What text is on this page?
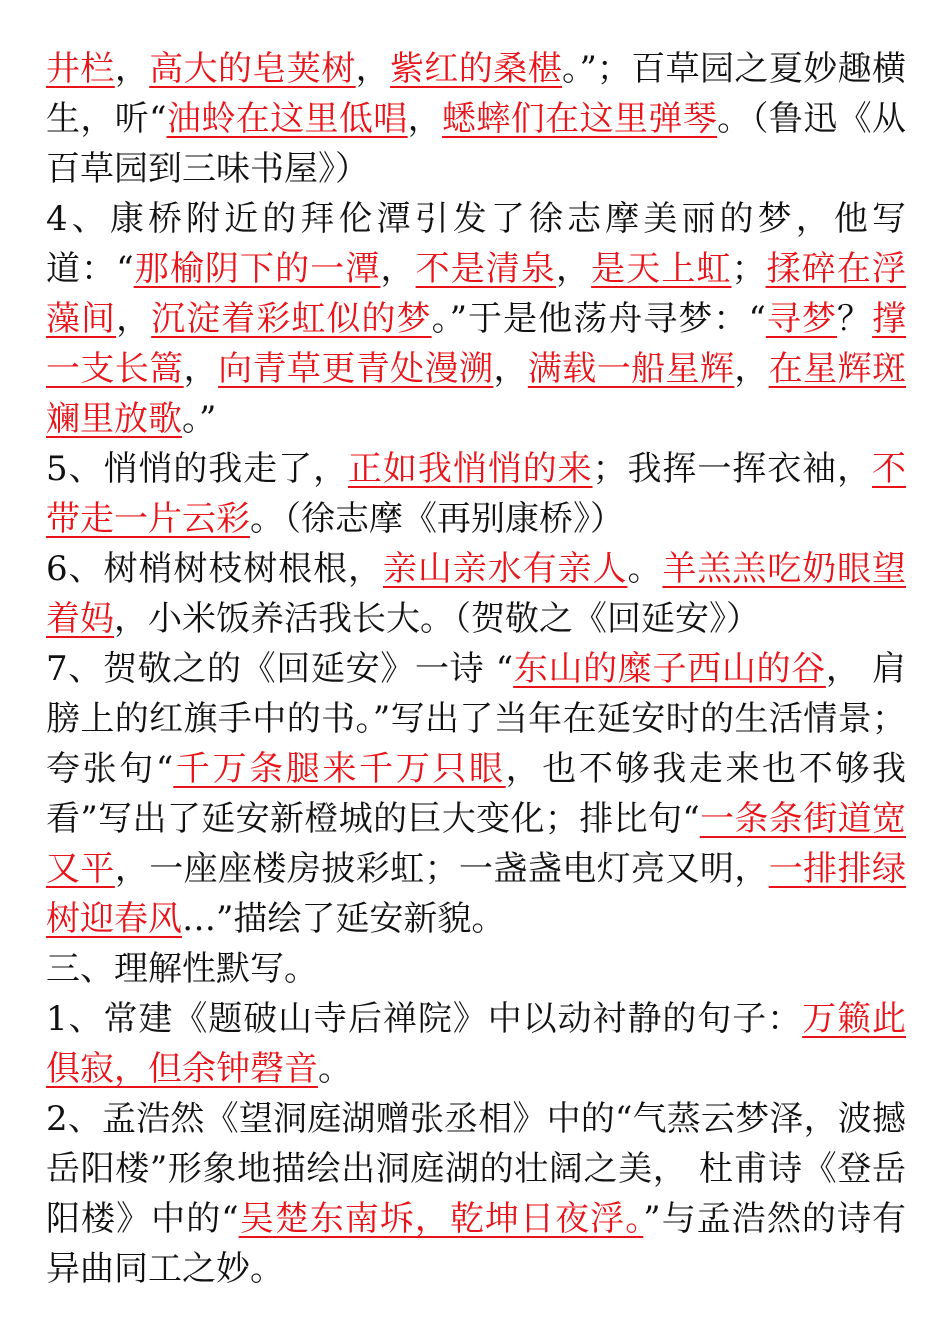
井栏，高大的皂荚树，紫红的桑椹。”；百草园之夏妙趣横生，听“油蛉在这里低唱，蟋蟀们在这里弹琴。（鲁迅《从百草园到三味书屋》）

4、康桥附近的拜伦潭引发了徐志摩美丽的梦，他写道：“那榆阴下的一潭，不是清泉，是天上虹；揉碎在浮藻间，沉淀着彩虹似的梦。”于是他荡舟寻梦：“寻梦？撑一支长篙，向青草更青处漫溯，满载一船星辉，在星辉斑斓里放歌。”

5、悄悄的我走了，正如我悄悄的来；我挥一挥衣袖，不带走一片云彩。（徐志摩《再别康桥》）

6、树梢树枝树根根，亲山亲水有亲人。羊羔羔吃奶眼望着妈，小米饭养活我长大。（贺敬之《回延安》）

7、贺敬之的《回延安》一诗 “东山的糜子西山的谷， 肩膀上的红旗手中的书。”写出了当年在延安时的生活情景；夸张句“千万条腿来千万只眼，也不够我走来也不够我看”写出了延安新橙城的巨大变化；排比句“一条条街道宽又平，一座座楼房披彩虹；一盏盏电灯亮又明，一排排绿树迎春风…”描绘了延安新貌。

三、理解性默写。

1、常建《题破山寺后禅院》中以动衬静的句子：万籁此俱寂，但余钟磬音。

2、孟浩然《望洞庭湖赠张丞相》中的“气蒸云梦泽，波撼岳阳楼”形象地描绘出洞庭湖的壮阔之美， 杜甫诗《登岳阳楼》中的“吴楚东南坼，乾坤日夜浮。”与孟浩然的诗有异曲同工之妙。
